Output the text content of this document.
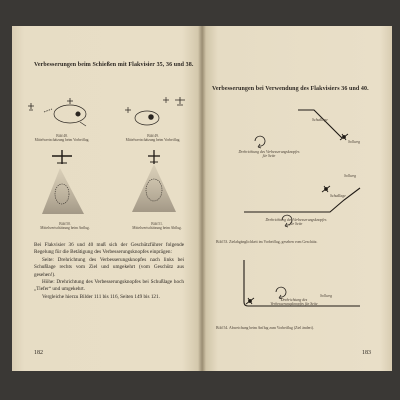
Verbesserungen beim Schießen mit Flakvisier 35, 36 und 38.
Bild 48.
Mittelwertschätzung beim Vorbeiflug.
Bild 49.
Mittelwertschätzung beim Vorbeiflug.
Bild 50.
Mittelwertschätzung beim Anflug.
Bild 51.
Mittelwertschätzung beim Abflug.

Bei Flakvisier 36 und 40 muß sich der Geschützführer folgende Regelung für die Betätigung des Verbesserungsknopfes einprägen:

Seite: Drehrichtung des Verbesserungsknopfes nach links bei Schußlage rechts vom Ziel und umgekehrt (vom Geschütz aus gesehen!).

Höhe: Drehrichtung des Verbesserungsknopfes bei Schußlage hoch „Tiefer“ und umgekehrt.

Vergleiche hierzu Bilder 111 bis 116, Seiten 149 bis 121.

182
Verbesserungen bei Verwendung des Flakvisiers 36 und 40.
Schußlage
Sollweg
Drehrichtung des Verbesserungsknopfes für Seite
Sollweg
Schußlage
Drehrichtung des Verbesserungsknopfes für Seite
Bild 53. Zielabgänglichkeit im Vorbeiflug, gesehen vom Geschütz.
Sollweg
Drehrichtung des Verbesserungsknopfes für Seite
Bild 54. Abweichung beim Anflug zum Vorbeiflug (Ziel ändert).
183
